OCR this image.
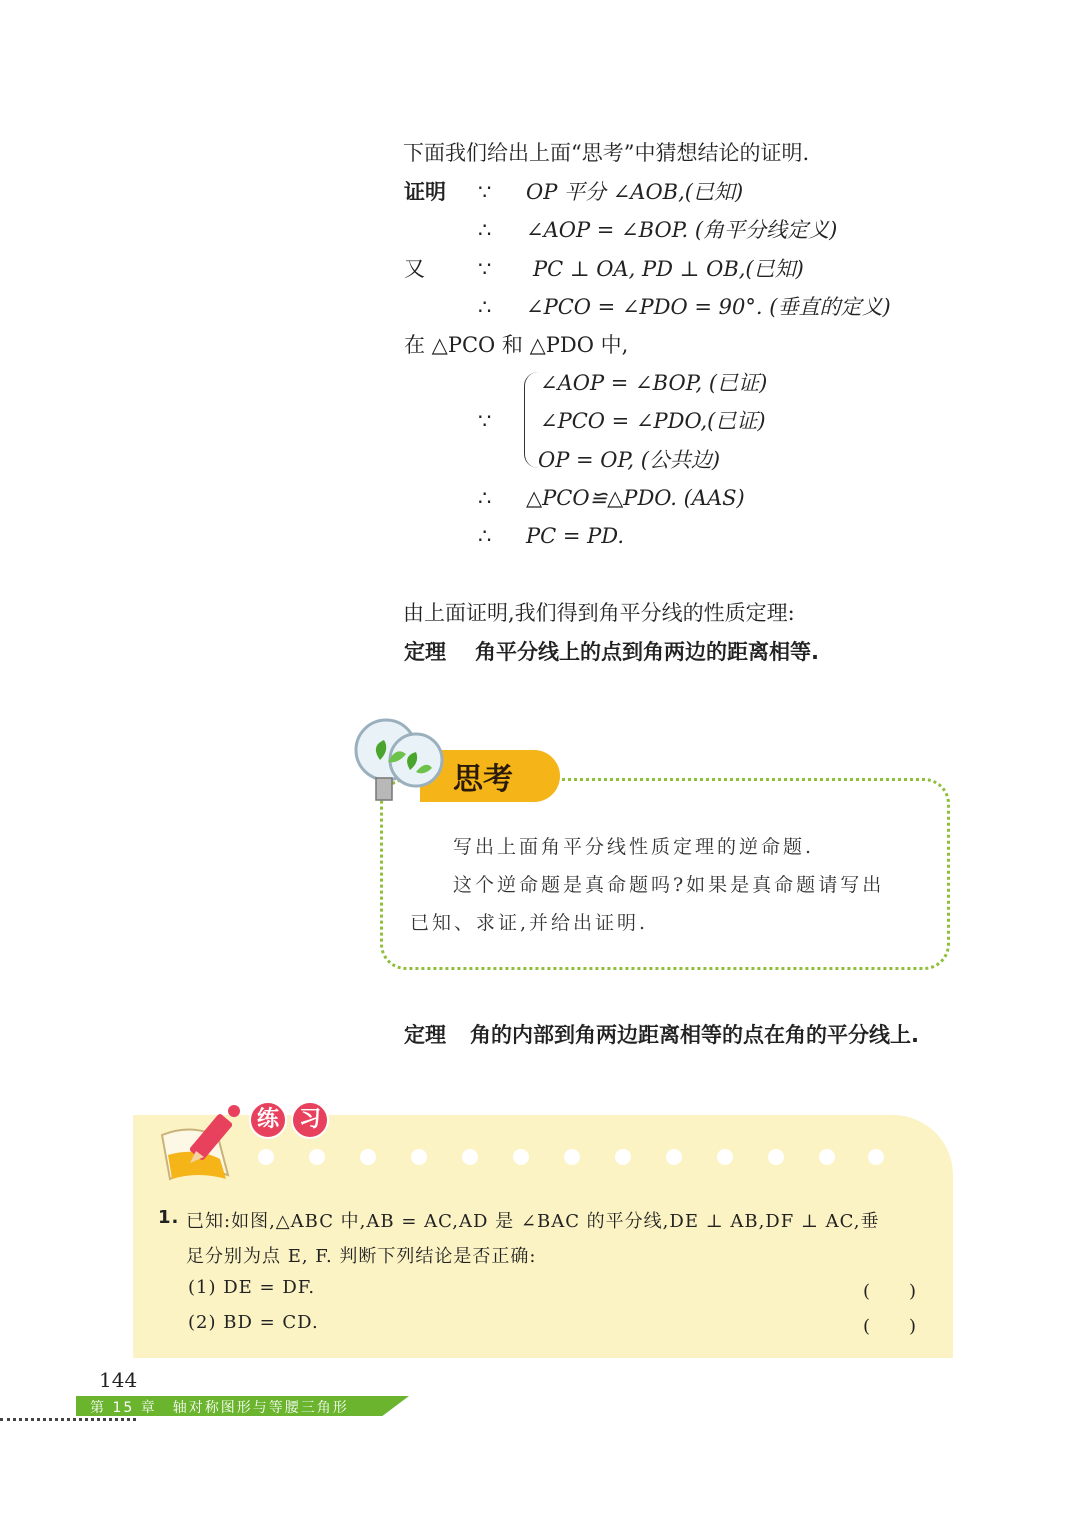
下面我们给出上面“思考”中猜想结论的证明.
证明 ∵ OP 平分 ∠AOB,(已知)
∴ ∠AOP = ∠BOP. (角平分线定义)
又	∵ PC ⊥ OA, PD ⊥ OB,(已知)
∴ ∠PCO = ∠PDO = 90°. (垂直的定义)
在 △PCO 和 △PDO 中,
∵
∠AOP = ∠BOP, (已证)
∠PCO = ∠PDO,(已证)
OP = OP, (公共边)
∴ △PCO≌△PDO. (AAS)
∴ PC = PD.
由上面证明,我们得到角平分线的性质定理:
定理 角平分线上的点到角两边的距离相等.
思考
写出上面角平分线性质定理的逆命题.
这个逆命题是真命题吗?如果是真命题请写出
已知、求证,并给出证明.
定理 角的内部到角两边距离相等的点在角的平分线上.
练 习
1. 已知:如图,△ABC 中,AB = AC,AD 是 ∠BAC 的平分线,DE ⊥ AB,DF ⊥ AC,垂
足分别为点 E, F. 判断下列结论是否正确:
(1) DE = DF.	(　　)
(2) BD = CD.	(　　)
144
第 15 章　轴对称图形与等腰三角形
